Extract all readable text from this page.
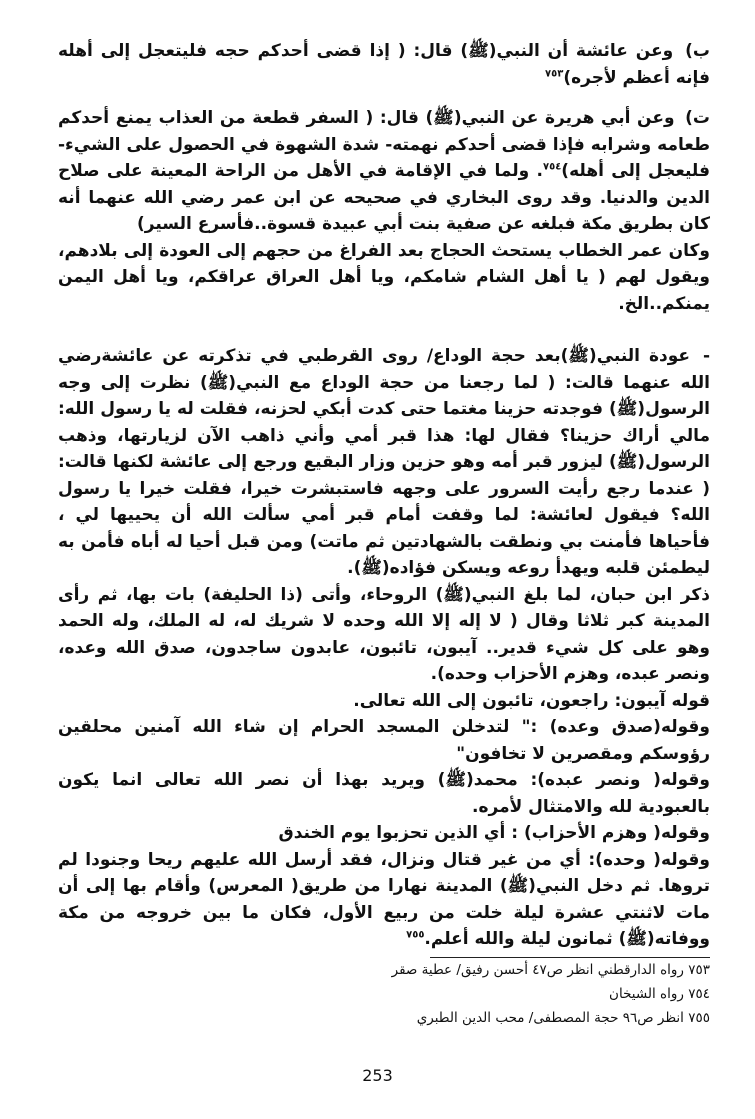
ب) وعن عائشة أن النبي(ﷺ) قال: ( إذا قضى أحدكم حجه فليتعجل إلى أهله فإنه أعظم لأجره)$^{٧٥٣}$

ت) وعن أبي هريرة عن النبي(ﷺ) قال: ( السفر قطعة من العذاب يمنع أحدكم طعامه وشرابه فإذا قضى أحدكم نهمته- شدة الشهوة في الحصول على الشيء- فليعجل إلى أهله)$^{٧٥٤}$. ولما في الإقامة في الأهل من الراحة المعينة على صلاح الدين والدنيا. وقد روى البخاري في صحيحه عن ابن عمر رضي الله عنهما أنه كان بطريق مكة فبلغه عن صفية بنت أبي عبيدة قسوة..فأسرع السير)

وكان عمر الخطاب يستحث الحجاج بعد الفراغ من حجهم إلى العودة إلى بلادهم، ويقول لهم ( يا أهل الشام شامكم، ويا أهل العراق عراقكم، ويا أهل اليمن يمنكم..الخ.

- عودة النبي(ﷺ)بعد حجة الوداع/ روى القرطبي في تذكرته عن عائشةرضي الله عنهما قالت: ( لما رجعنا من حجة الوداع مع النبي(ﷺ) نظرت إلى وجه الرسول(ﷺ) فوجدته حزينا مغتما حتى كدت أبكي لحزنه، فقلت له يا رسول الله: مالي أراك حزينا؟ فقال لها: هذا قبر أمي وأني ذاهب الآن لزيارتها، وذهب الرسول(ﷺ) ليزور قبر أمه وهو حزين وزار البقيع ورجع إلى عائشة لكنها قالت: ( عندما رجع رأيت السرور على وجهه فاستبشرت خيرا، فقلت خيرا يا رسول الله؟ فيقول لعائشة: لما وقفت أمام قبر أمي سألت الله أن يحييها لي ، فأحياها فأمنت بي ونطقت بالشهادتين ثم ماتت) ومن قبل أحيا له أباه فأمن به ليطمئن قلبه ويهدأ روعه ويسكن فؤاده(ﷺ).

ذكر ابن حبان، لما بلغ النبي(ﷺ) الروحاء، وأتى (ذا الحليفة) بات بها، ثم رأى المدينة كبر ثلاثا وقال ( لا إله إلا الله وحده لا شريك له، له الملك، وله الحمد وهو على كل شيء قدير.. آيبون، تائبون، عابدون ساجدون، صدق الله وعده، ونصر عبده، وهزم الأحزاب وحده).

قوله آيبون: راجعون، تائبون إلى الله تعالى.

وقوله(صدق وعده) :" لتدخلن المسجد الحرام إن شاء الله آمنين محلقين رؤوسكم ومقصرين لا تخافون"

وقوله( ونصر عبده): محمد(ﷺ) ويريد بهذا أن نصر الله تعالى انما يكون بالعبودية لله والامتثال لأمره.

وقوله( وهزم الأحزاب) : أي الذين تحزبوا يوم الخندق

وقوله( وحده): أي من غير قتال ونزال، فقد أرسل الله عليهم ريحا وجنودا لم تروها. ثم دخل النبي(ﷺ) المدينة نهارا من طريق( المعرس) وأقام بها إلى أن مات لاثنتي عشرة ليلة خلت من ربيع الأول، فكان ما بين خروجه من مكة ووفاته(ﷺ) ثمانون ليلة والله أعلم.$^{٧٥٥}$

٧٥٣ رواه الدارقطني انظر ص٤٧ أحسن رفيق/ عطية صقر
٧٥٤ رواه الشيخان
٧٥٥ انظر ص٩٦ حجة المصطفى/ محب الدين الطبري
253
